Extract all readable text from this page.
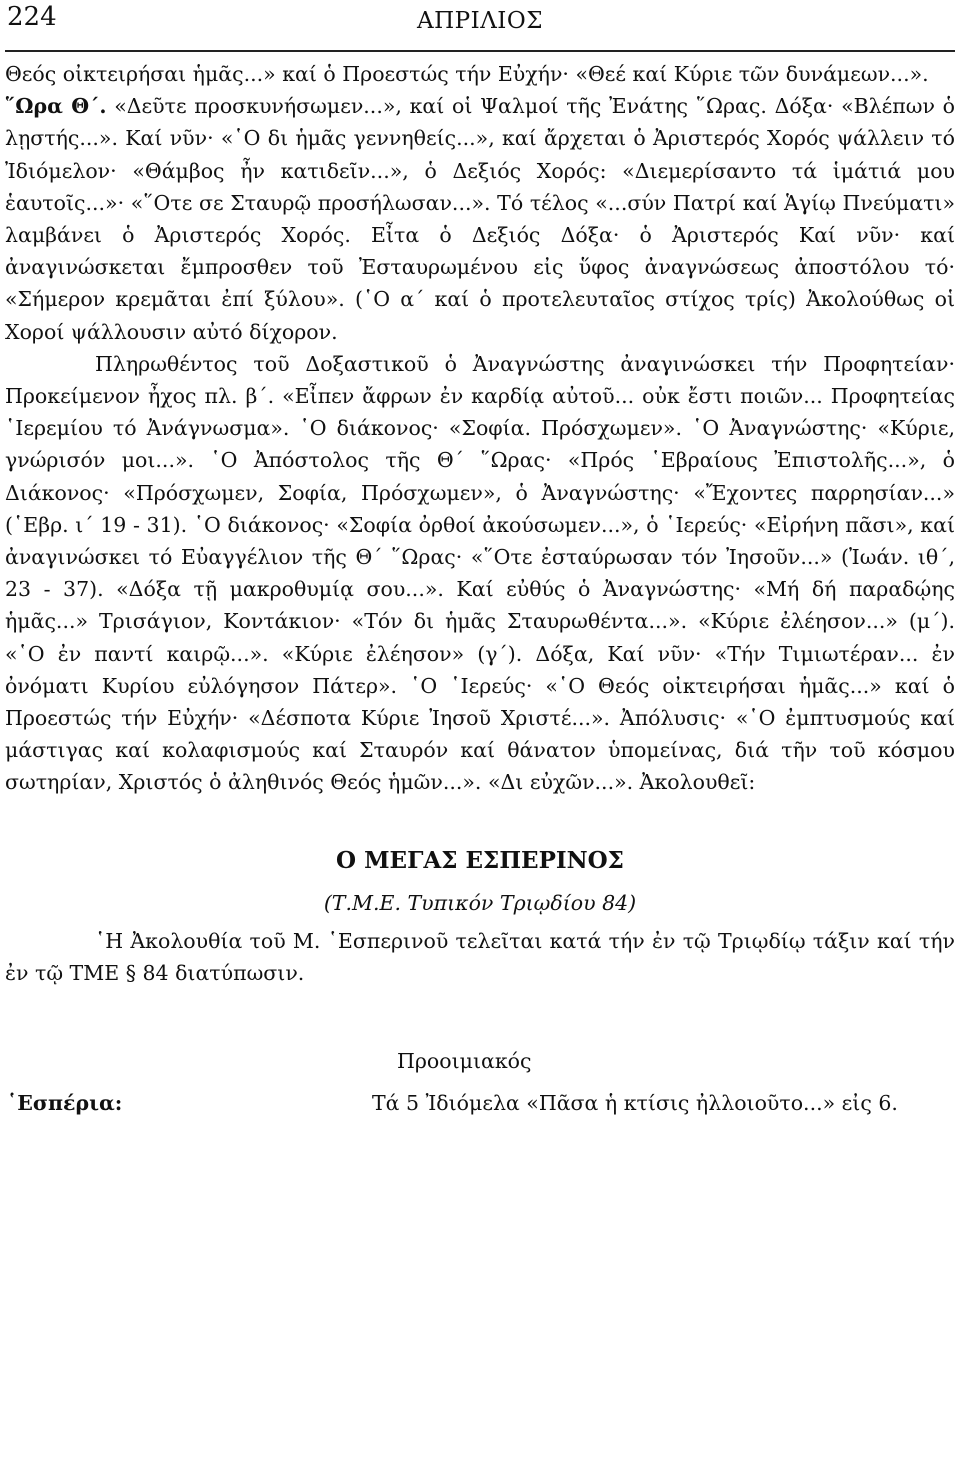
224	ΑΠΡΙΛΙΟΣ

Θεός οἰκτειρήσαι ἡμᾶς...» καί ὁ Προεστώς τήν Εὐχήν· «Θεέ καί Κύριε τῶν δυνάμεων...».

῞Ωρα Θ΄. «Δεῦτε προσκυνήσωμεν...», καί οἱ Ψαλμοί τῆς Ἐνάτης ῞Ωρας. Δόξα· «Βλέπων ὁ λῃστής...». Καί νῦν· «῾Ο δι ἡμᾶς γεννηθείς...», καί ἄρχεται ὁ Ἀριστερός Χορός ψάλλειν τό Ἰδιόμελον· «Θάμβος ἦν κατιδεῖν...», ὁ Δεξιός Χορός: «Διεμερίσαντο τά ἱμάτιά μου ἑαυτοῖς...»· «῞Οτε σε Σταυρῷ προσήλωσαν...». Τό τέλος «...σύν Πατρί καί Ἁγίῳ Πνεύματι» λαμβάνει ὁ Ἀριστερός Χορός. Εἶτα ὁ Δεξιός Δόξα· ὁ Ἀριστερός Καί νῦν· καί ἀναγινώσκεται ἔμπροσθεν τοῦ Ἐσταυρωμένου εἰς ὕφος ἀναγνώσεως ἀποστόλου τό· «Σήμερον κρεμᾶται ἐπί ξύλου». (῾Ο α΄ καί ὁ προτελευταῖος στίχος τρίς) Ἀκολούθως οἱ Χοροί ψάλλουσιν αὐτό δίχορον.

Πληρωθέντος τοῦ Δοξαστικοῦ ὁ Ἀναγνώστης ἀναγινώσκει τήν Προφητείαν· Προκείμενον ἦχος πλ. β΄. «Εἶπεν ἄφρων ἐν καρδίᾳ αὐτοῦ... οὐκ ἔστι ποιῶν... Προφητείας ῾Ιερεμίου τό Ἀνάγνωσμα». ῾Ο διάκονος· «Σοφία. Πρόσχωμεν». ῾Ο Ἀναγνώστης· «Κύριε, γνώρισόν μοι...». ῾Ο Ἀπόστολος τῆς Θ΄ ῞Ωρας· «Πρός ῾Εβραίους Ἐπιστολῆς...», ὁ Διάκονος· «Πρόσχωμεν, Σοφία, Πρόσχωμεν», ὁ Ἀναγνώστης· «Ἔχοντες παρρησίαν...» (῾Εβρ. ι΄ 19 - 31). ῾Ο διάκονος· «Σοφία ὀρθοί ἀκούσωμεν...», ὁ ῾Ιερεύς· «Εἰρήνη πᾶσι», καί ἀναγινώσκει τό Εὐαγγέλιον τῆς Θ΄ ῞Ωρας· «῞Οτε ἐσταύρωσαν τόν Ἰησοῦν...» (Ἰωάν. ιθ΄, 23 - 37). «Δόξα τῇ μακροθυμίᾳ σου...». Καί εὐθύς ὁ Ἀναγνώστης· «Μή δή παραδῴης ἡμᾶς...» Τρισάγιον, Κοντάκιον· «Τόν δι ἡμᾶς Σταυρωθέντα...». «Κύριε ἐλέησον...» (μ΄). «῾Ο ἐν παντί καιρῷ...». «Κύριε ἐλέησον» (γ΄). Δόξα, Καί νῦν· «Τήν Τιμιωτέραν... ἐν ὀνόματι Κυρίου εὐλόγησον Πάτερ». ῾Ο ῾Ιερεύς· «῾Ο Θεός οἰκτειρήσαι ἡμᾶς...» καί ὁ Προεστώς τήν Εὐχήν· «Δέσποτα Κύριε Ἰησοῦ Χριστέ...». Ἀπόλυσις· «῾Ο ἐμπτυσμούς καί μάστιγας καί κολαφισμούς καί Σταυρόν καί θάνατον ὑπομείνας, διά τῆν τοῦ κόσμου σωτηρίαν, Χριστός ὁ ἀληθινός Θεός ἡμῶν...». «Δι εὐχῶν...». Ἀκολουθεῖ:

Ο ΜΕΓΑΣ ΕΣΠΕΡΙΝΟΣ
(Τ.Μ.Ε. Τυπικόν Τριῳδίου 84)
῾Η Ἀκολουθία τοῦ Μ. ῾Εσπερινοῦ τελεῖται κατά τήν ἐν τῷ Τριῳδίῳ τάξιν καί τήν ἐν τῷ ΤΜΕ § 84 διατύπωσιν.
Προοιμιακός
῾Εσπέρια:	Τά 5 Ἰδιόμελα «Πᾶσα ἡ κτίσις ἠλλοιοῦτο...» εἰς 6.
